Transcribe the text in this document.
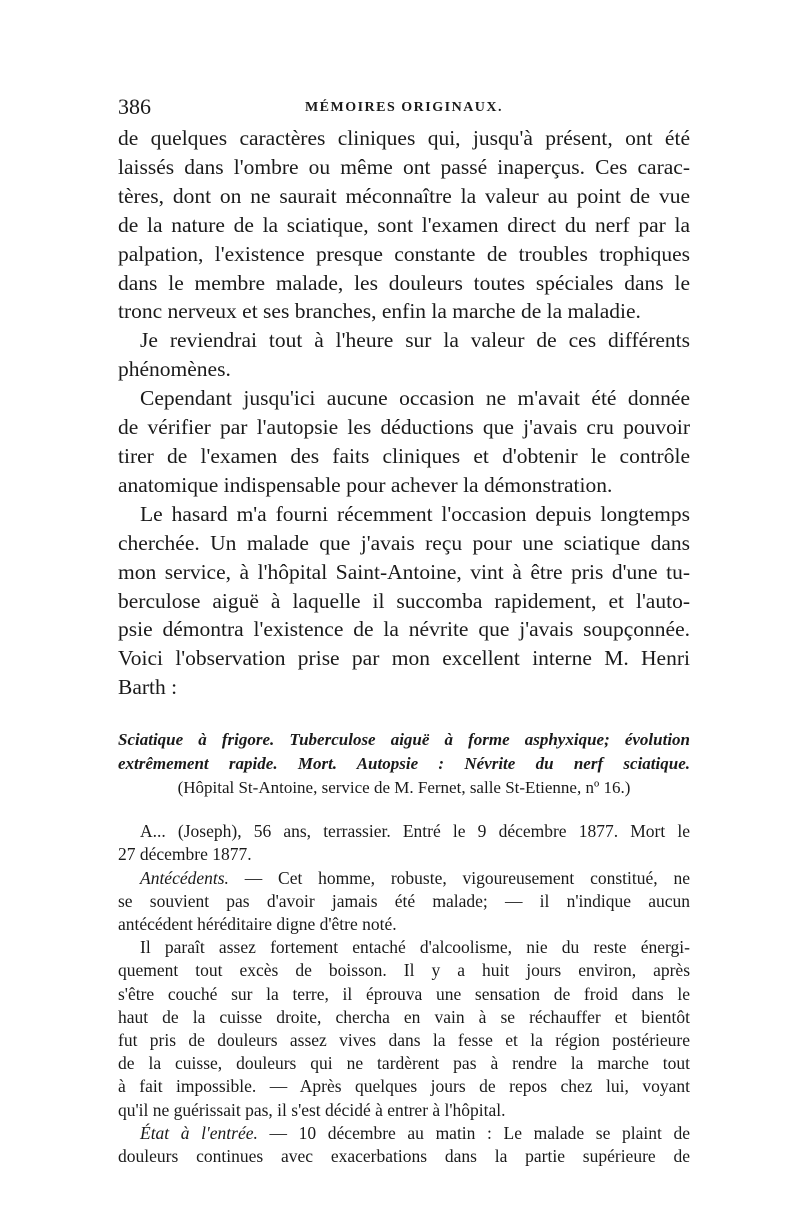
386	MÉMOIRES ORIGINAUX.
de quelques caractères cliniques qui, jusqu'à présent, ont été
laissés dans l'ombre ou même ont passé inaperçus. Ces carac-
tères, dont on ne saurait méconnaître la valeur au point de vue
de la nature de la sciatique, sont l'examen direct du nerf par la
palpation, l'existence presque constante de troubles trophiques
dans le membre malade, les douleurs toutes spéciales dans le
tronc nerveux et ses branches, enfin la marche de la maladie.
Je reviendrai tout à l'heure sur la valeur de ces différents
phénomènes.
Cependant jusqu'ici aucune occasion ne m'avait été donnée
de vérifier par l'autopsie les déductions que j'avais cru pouvoir
tirer de l'examen des faits cliniques et d'obtenir le contrôle
anatomique indispensable pour achever la démonstration.
Le hasard m'a fourni récemment l'occasion depuis longtemps
cherchée. Un malade que j'avais reçu pour une sciatique dans
mon service, à l'hôpital Saint-Antoine, vint à être pris d'une tu-
berculose aiguë à laquelle il succomba rapidement, et l'auto-
psie démontra l'existence de la névrite que j'avais soupçonnée.
Voici l'observation prise par mon excellent interne M. Henri
Barth :
Sciatique à frigore. Tuberculose aiguë à forme asphyxique; évolution
extrêmement rapide. Mort. Autopsie : Névrite du nerf sciatique.
(Hôpital St-Antoine, service de M. Fernet, salle St-Etienne, nº 16.)
A... (Joseph), 56 ans, terrassier. Entré le 9 décembre 1877. Mort le
27 décembre 1877.
Antécédents. — Cet homme, robuste, vigoureusement constitué, ne
se souvient pas d'avoir jamais été malade; — il n'indique aucun
antécédent héréditaire digne d'être noté.
Il paraît assez fortement entaché d'alcoolisme, nie du reste énergi-
quement tout excès de boisson. Il y a huit jours environ, après
s'être couché sur la terre, il éprouva une sensation de froid dans le
haut de la cuisse droite, chercha en vain à se réchauffer et bientôt
fut pris de douleurs assez vives dans la fesse et la région postérieure
de la cuisse, douleurs qui ne tardèrent pas à rendre la marche tout
à fait impossible. — Après quelques jours de repos chez lui, voyant
qu'il ne guérissait pas, il s'est décidé à entrer à l'hôpital.
État à l'entrée. — 10 décembre au matin : Le malade se plaint de
douleurs continues avec exacerbations dans la partie supérieure de
